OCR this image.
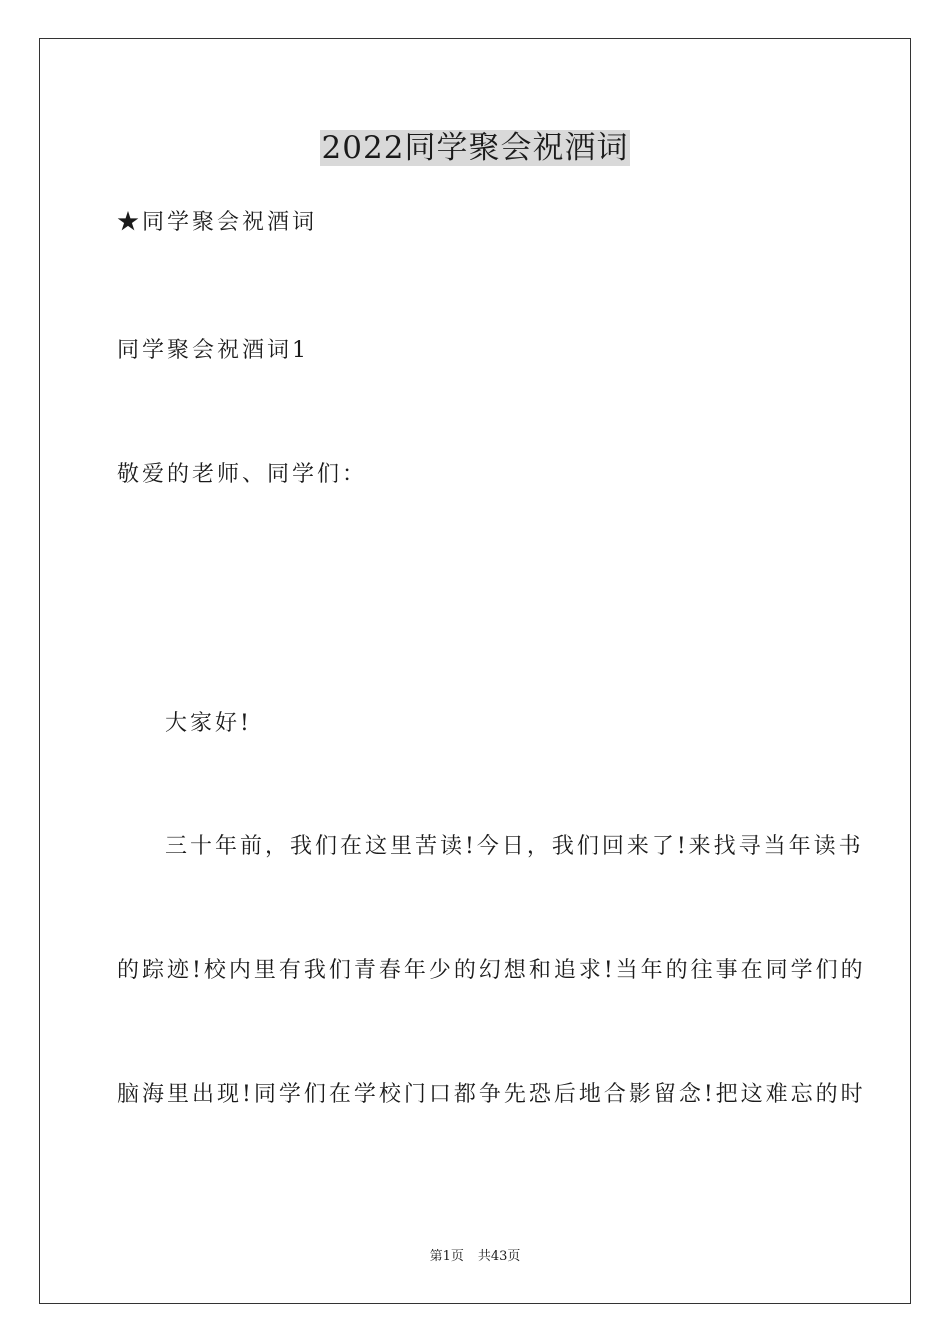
2022同学聚会祝酒词
★同学聚会祝酒词
同学聚会祝酒词1
敬爱的老师、同学们：
大家好!
三十年前，我们在这里苦读!今日，我们回来了!来找寻当年读书
的踪迹!校内里有我们青春年少的幻想和追求!当年的往事在同学们的
脑海里出现!同学们在学校门口都争先恐后地合影留念!把这难忘的时
第1页 共43页
